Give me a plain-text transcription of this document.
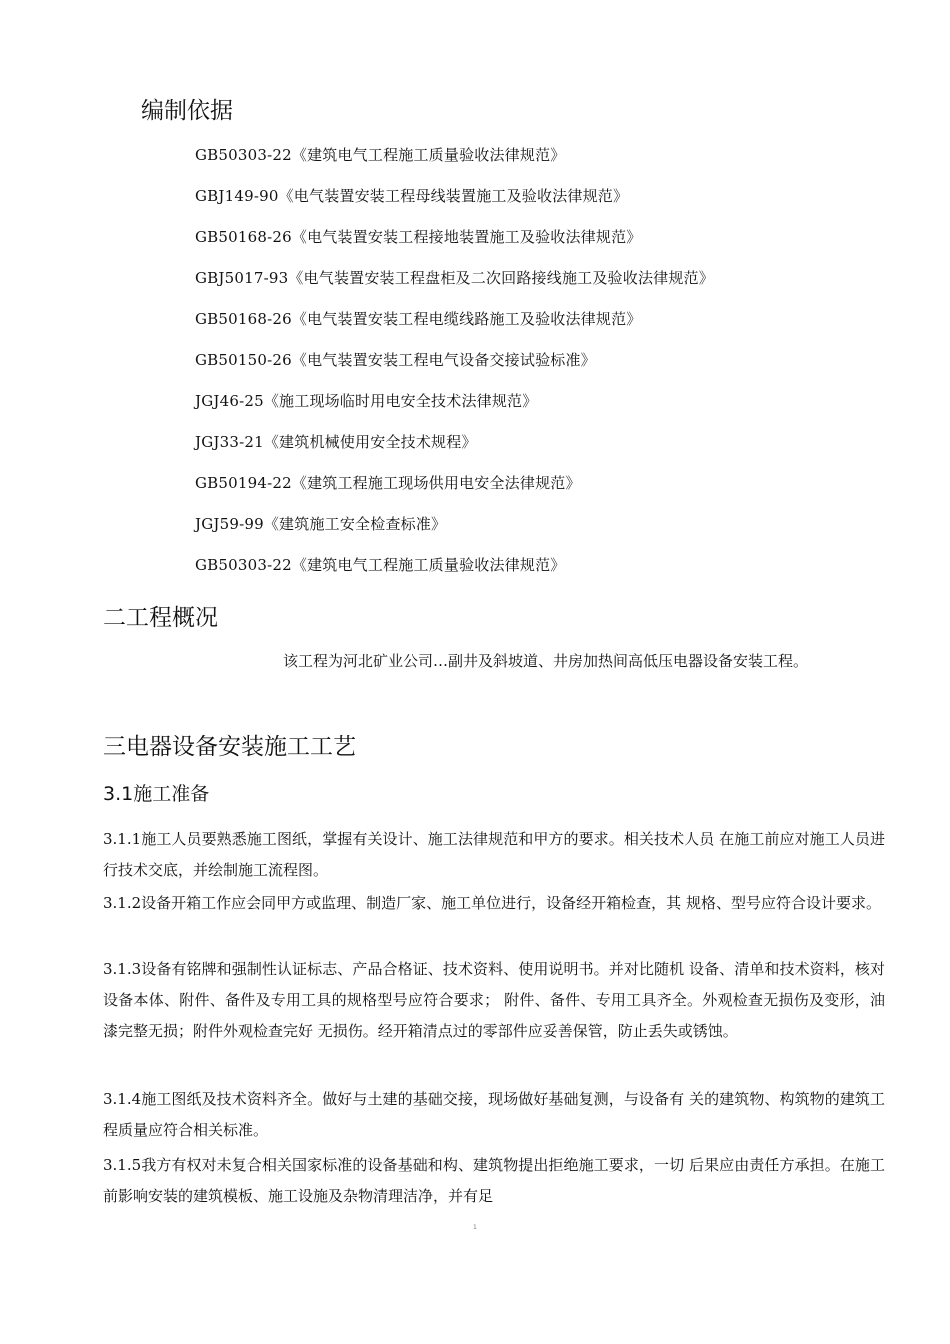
编制依据
GB50303-22《建筑电气工程施工质量验收法律规范》
GBJ149-90《电气装置安装工程母线装置施工及验收法律规范》
GB50168-26《电气装置安装工程接地装置施工及验收法律规范》
GBJ5017-93《电气装置安装工程盘柜及二次回路接线施工及验收法律规范》
GB50168-26《电气装置安装工程电缆线路施工及验收法律规范》
GB50150-26《电气装置安装工程电气设备交接试验标准》
JGJ46-25《施工现场临时用电安全技术法律规范》
JGJ33-21《建筑机械使用安全技术规程》
GB50194-22《建筑工程施工现场供用电安全法律规范》
JGJ59-99《建筑施工安全检查标准》
GB50303-22《建筑电气工程施工质量验收法律规范》
二工程概况

该工程为河北矿业公司…副井及斜坡道、井房加热间高低压电器设备安装工程。

三电器设备安装施工工艺
3.1施工准备

3.1.1施工人员要熟悉施工图纸，掌握有关设计、施工法律规范和甲方的要求。相关技术人员 在施工前应对施工人员进行技术交底，并绘制施工流程图。

3.1.2设备开箱工作应会同甲方或监理、制造厂家、施工单位进行，设备经开箱检查，其 规格、型号应符合设计要求。

3.1.3设备有铭牌和强制性认证标志、产品合格证、技术资料、使用说明书。并对比随机 设备、清单和技术资料，核对设备本体、附件、备件及专用工具的规格型号应符合要求； 附件、备件、专用工具齐全。外观检查无损伤及变形，油漆完整无损；附件外观检查完好 无损伤。经开箱清点过的零部件应妥善保管，防止丢失或锈蚀。

3.1.4施工图纸及技术资料齐全。做好与土建的基础交接，现场做好基础复测，与设备有 关的建筑物、构筑物的建筑工程质量应符合相关标准。

3.1.5我方有权对未复合相关国家标准的设备基础和构、建筑物提出拒绝施工要求，一切 后果应由责任方承担。在施工前影响安装的建筑模板、施工设施及杂物清理洁净，并有足

1
